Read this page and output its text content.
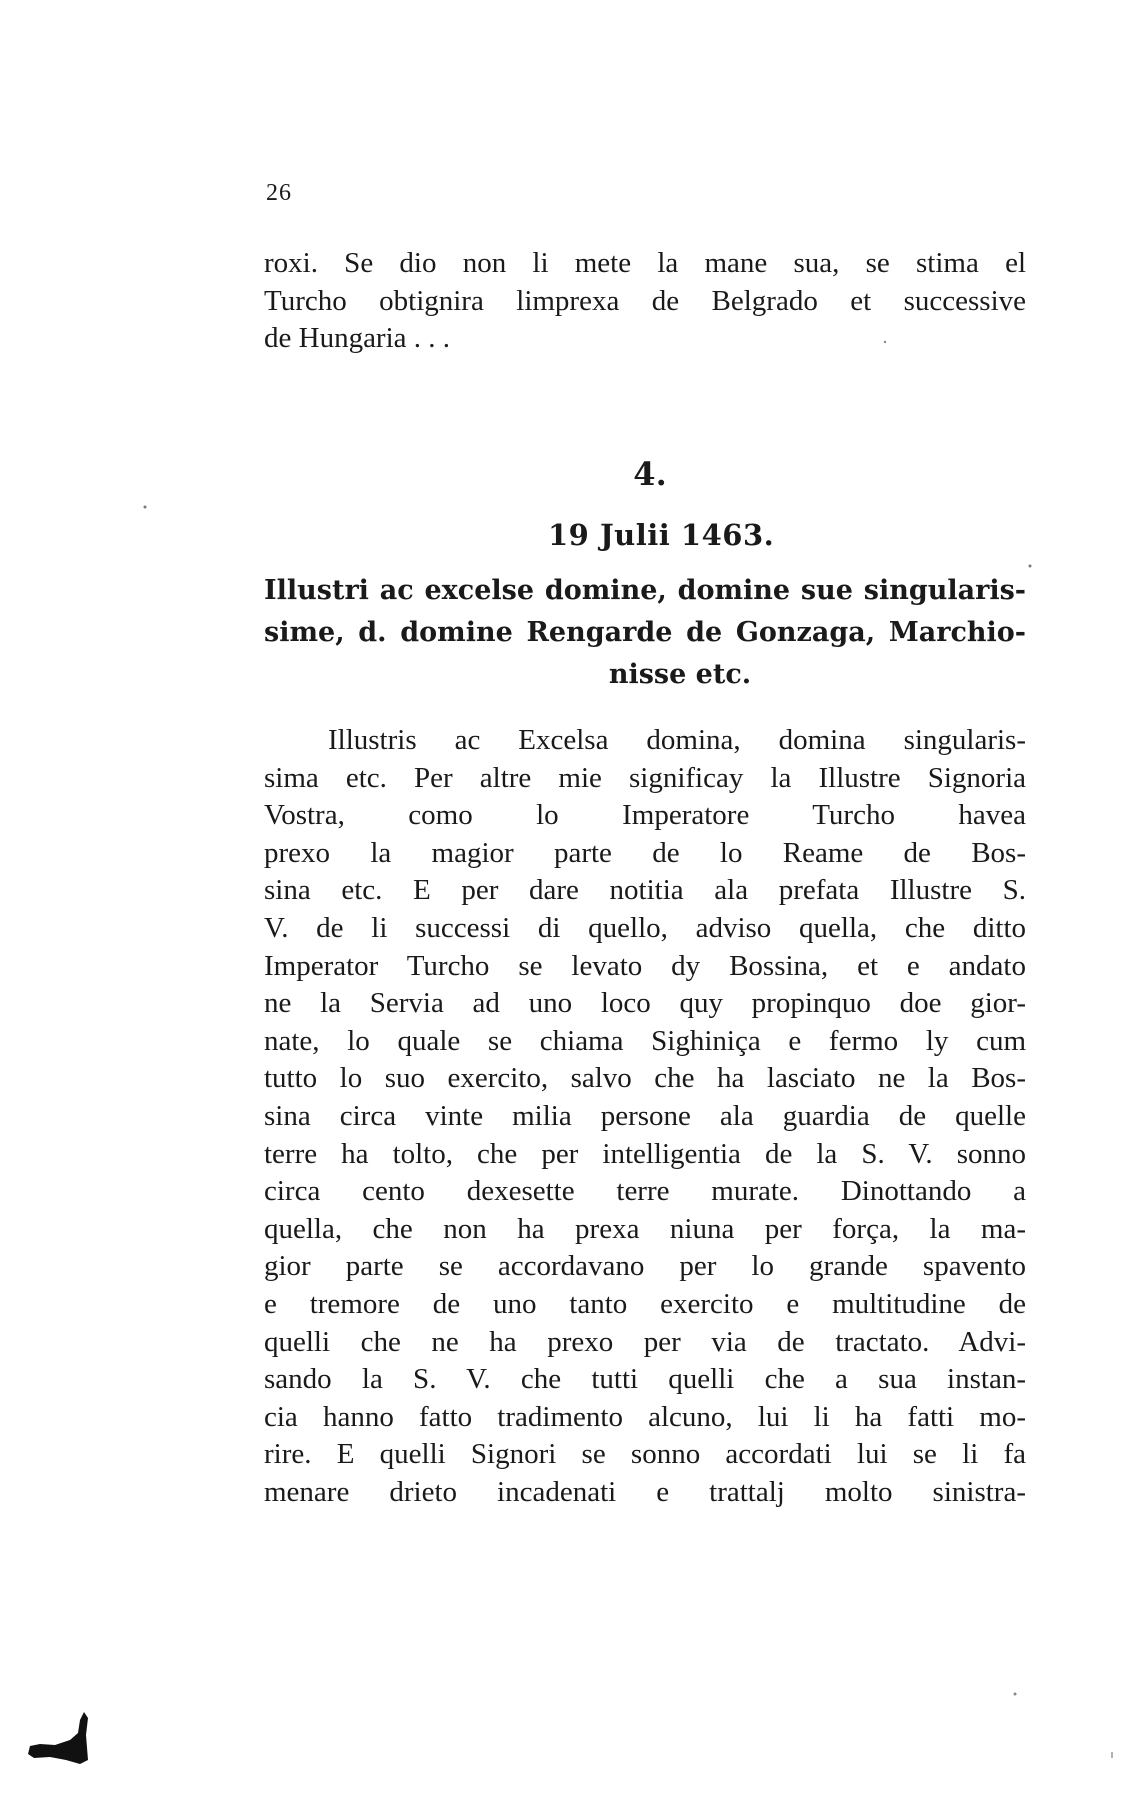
26
roxi. Se dio non li mete la mane sua, se stima el
Turcho obtignira limprexa de Belgrado et successive
de Hungaria . . .
4.
19 Julii 1463.
Illustri ac excelse domine, domine sue singularis-
sime, d. domine Rengarde de Gonzaga, Marchio-
nisse etc.
Illustris ac Excelsa domina, domina singularis-
sima etc. Per altre mie significay la Illustre Signoria
Vostra, como lo Imperatore Turcho havea
prexo la magior parte de lo Reame de Bos-
sina etc. E per dare notitia ala prefata Illustre S.
V. de li successi di quello, adviso quella, che ditto
Imperator Turcho se levato dy Bossina, et e andato
ne la Servia ad uno loco quy propinquo doe gior-
nate, lo quale se chiama Sighiniça e fermo ly cum
tutto lo suo exercito, salvo che ha lasciato ne la Bos-
sina circa vinte milia persone ala guardia de quelle
terre ha tolto, che per intelligentia de la S. V. sonno
circa cento dexesette terre murate. Dinottando a
quella, che non ha prexa niuna per força, la ma-
gior parte se accordavano per lo grande spavento
e tremore de uno tanto exercito e multitudine de
quelli che ne ha prexo per via de tractato. Advi-
sando la S. V. che tutti quelli che a sua instan-
cia hanno fatto tradimento alcuno, lui li ha fatti mo-
rire. E quelli Signori se sonno accordati lui se li fa
menare drieto incadenati e trattalj molto sinistra-
